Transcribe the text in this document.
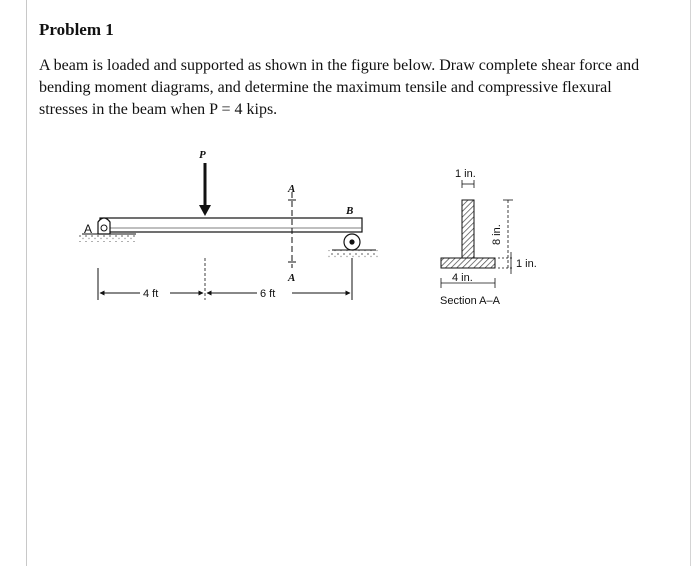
Problem 1
A beam is loaded and supported as shown in the figure below. Draw complete shear force and
bending moment diagrams, and determine the maximum tensile and compressive flexural
stresses in the beam when P = 4 kips.
A
B
P
A
A
4 ft	6 ft
1 in.
8 in.
1 in.
4 in.
Section A–A
